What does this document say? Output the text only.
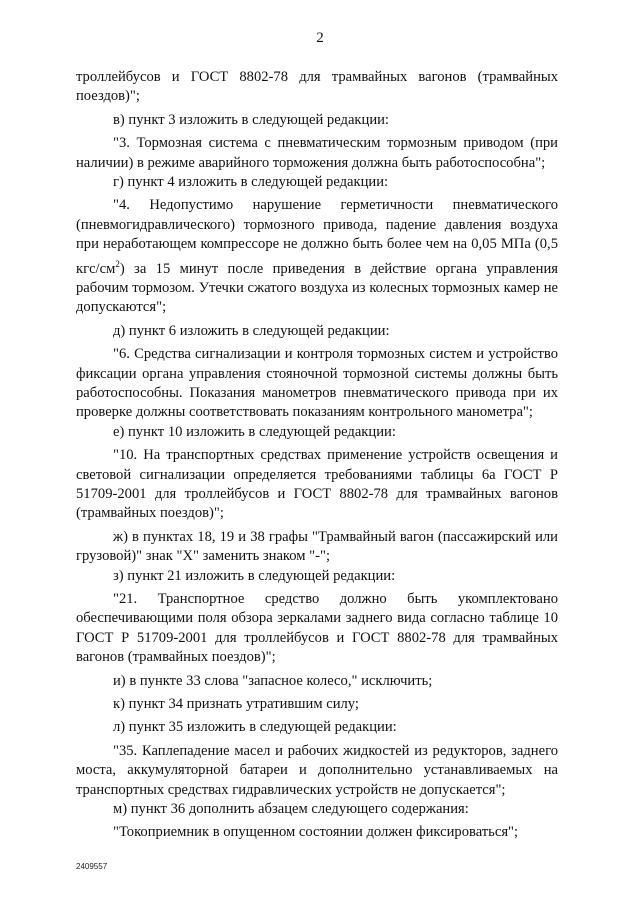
2

троллейбусов и ГОСТ 8802-78 для трамвайных вагонов (трамвайных поездов)";

в) пункт 3 изложить в следующей редакции:

"3. Тормозная система с пневматическим тормозным приводом (при наличии) в режиме аварийного торможения должна быть работоспособна";

г) пункт 4 изложить в следующей редакции:

"4. Недопустимо нарушение герметичности пневматического (пневмогидравлического) тормозного привода, падение давления воздуха при неработающем компрессоре не должно быть более чем на 0,05 МПа (0,5 кгс/$см^2$) за 15 минут после приведения в действие органа управления рабочим тормозом. Утечки сжатого воздуха из колесных тормозных камер не допускаются";

д) пункт 6 изложить в следующей редакции:

"6. Средства сигнализации и контроля тормозных систем и устройство фиксации органа управления стояночной тормозной системы должны быть работоспособны. Показания манометров пневматического привода при их проверке должны соответствовать показаниям контрольного манометра";

е) пункт 10 изложить в следующей редакции:

"10. На транспортных средствах применение устройств освещения и световой сигнализации определяется требованиями таблицы 6а ГОСТ Р 51709-2001 для троллейбусов и ГОСТ 8802-78 для трамвайных вагонов (трамвайных поездов)";

ж) в пунктах 18, 19 и 38 графы "Трамвайный вагон (пассажирский или грузовой)" знак "X" заменить знаком "-";

з) пункт 21 изложить в следующей редакции:

"21. Транспортное средство должно быть укомплектовано обеспечивающими поля обзора зеркалами заднего вида согласно таблице 10 ГОСТ Р 51709-2001 для троллейбусов и ГОСТ 8802-78 для трамвайных вагонов (трамвайных поездов)";

и) в пункте 33 слова "запасное колесо," исключить;

к) пункт 34 признать утратившим силу;

л) пункт 35 изложить в следующей редакции:

"35. Каплепадение масел и рабочих жидкостей из редукторов, заднего моста, аккумуляторной батареи и дополнительно устанавливаемых на транспортных средствах гидравлических устройств не допускается";

м) пункт 36 дополнить абзацем следующего содержания:

"Токоприемник в опущенном состоянии должен фиксироваться";

2409557
